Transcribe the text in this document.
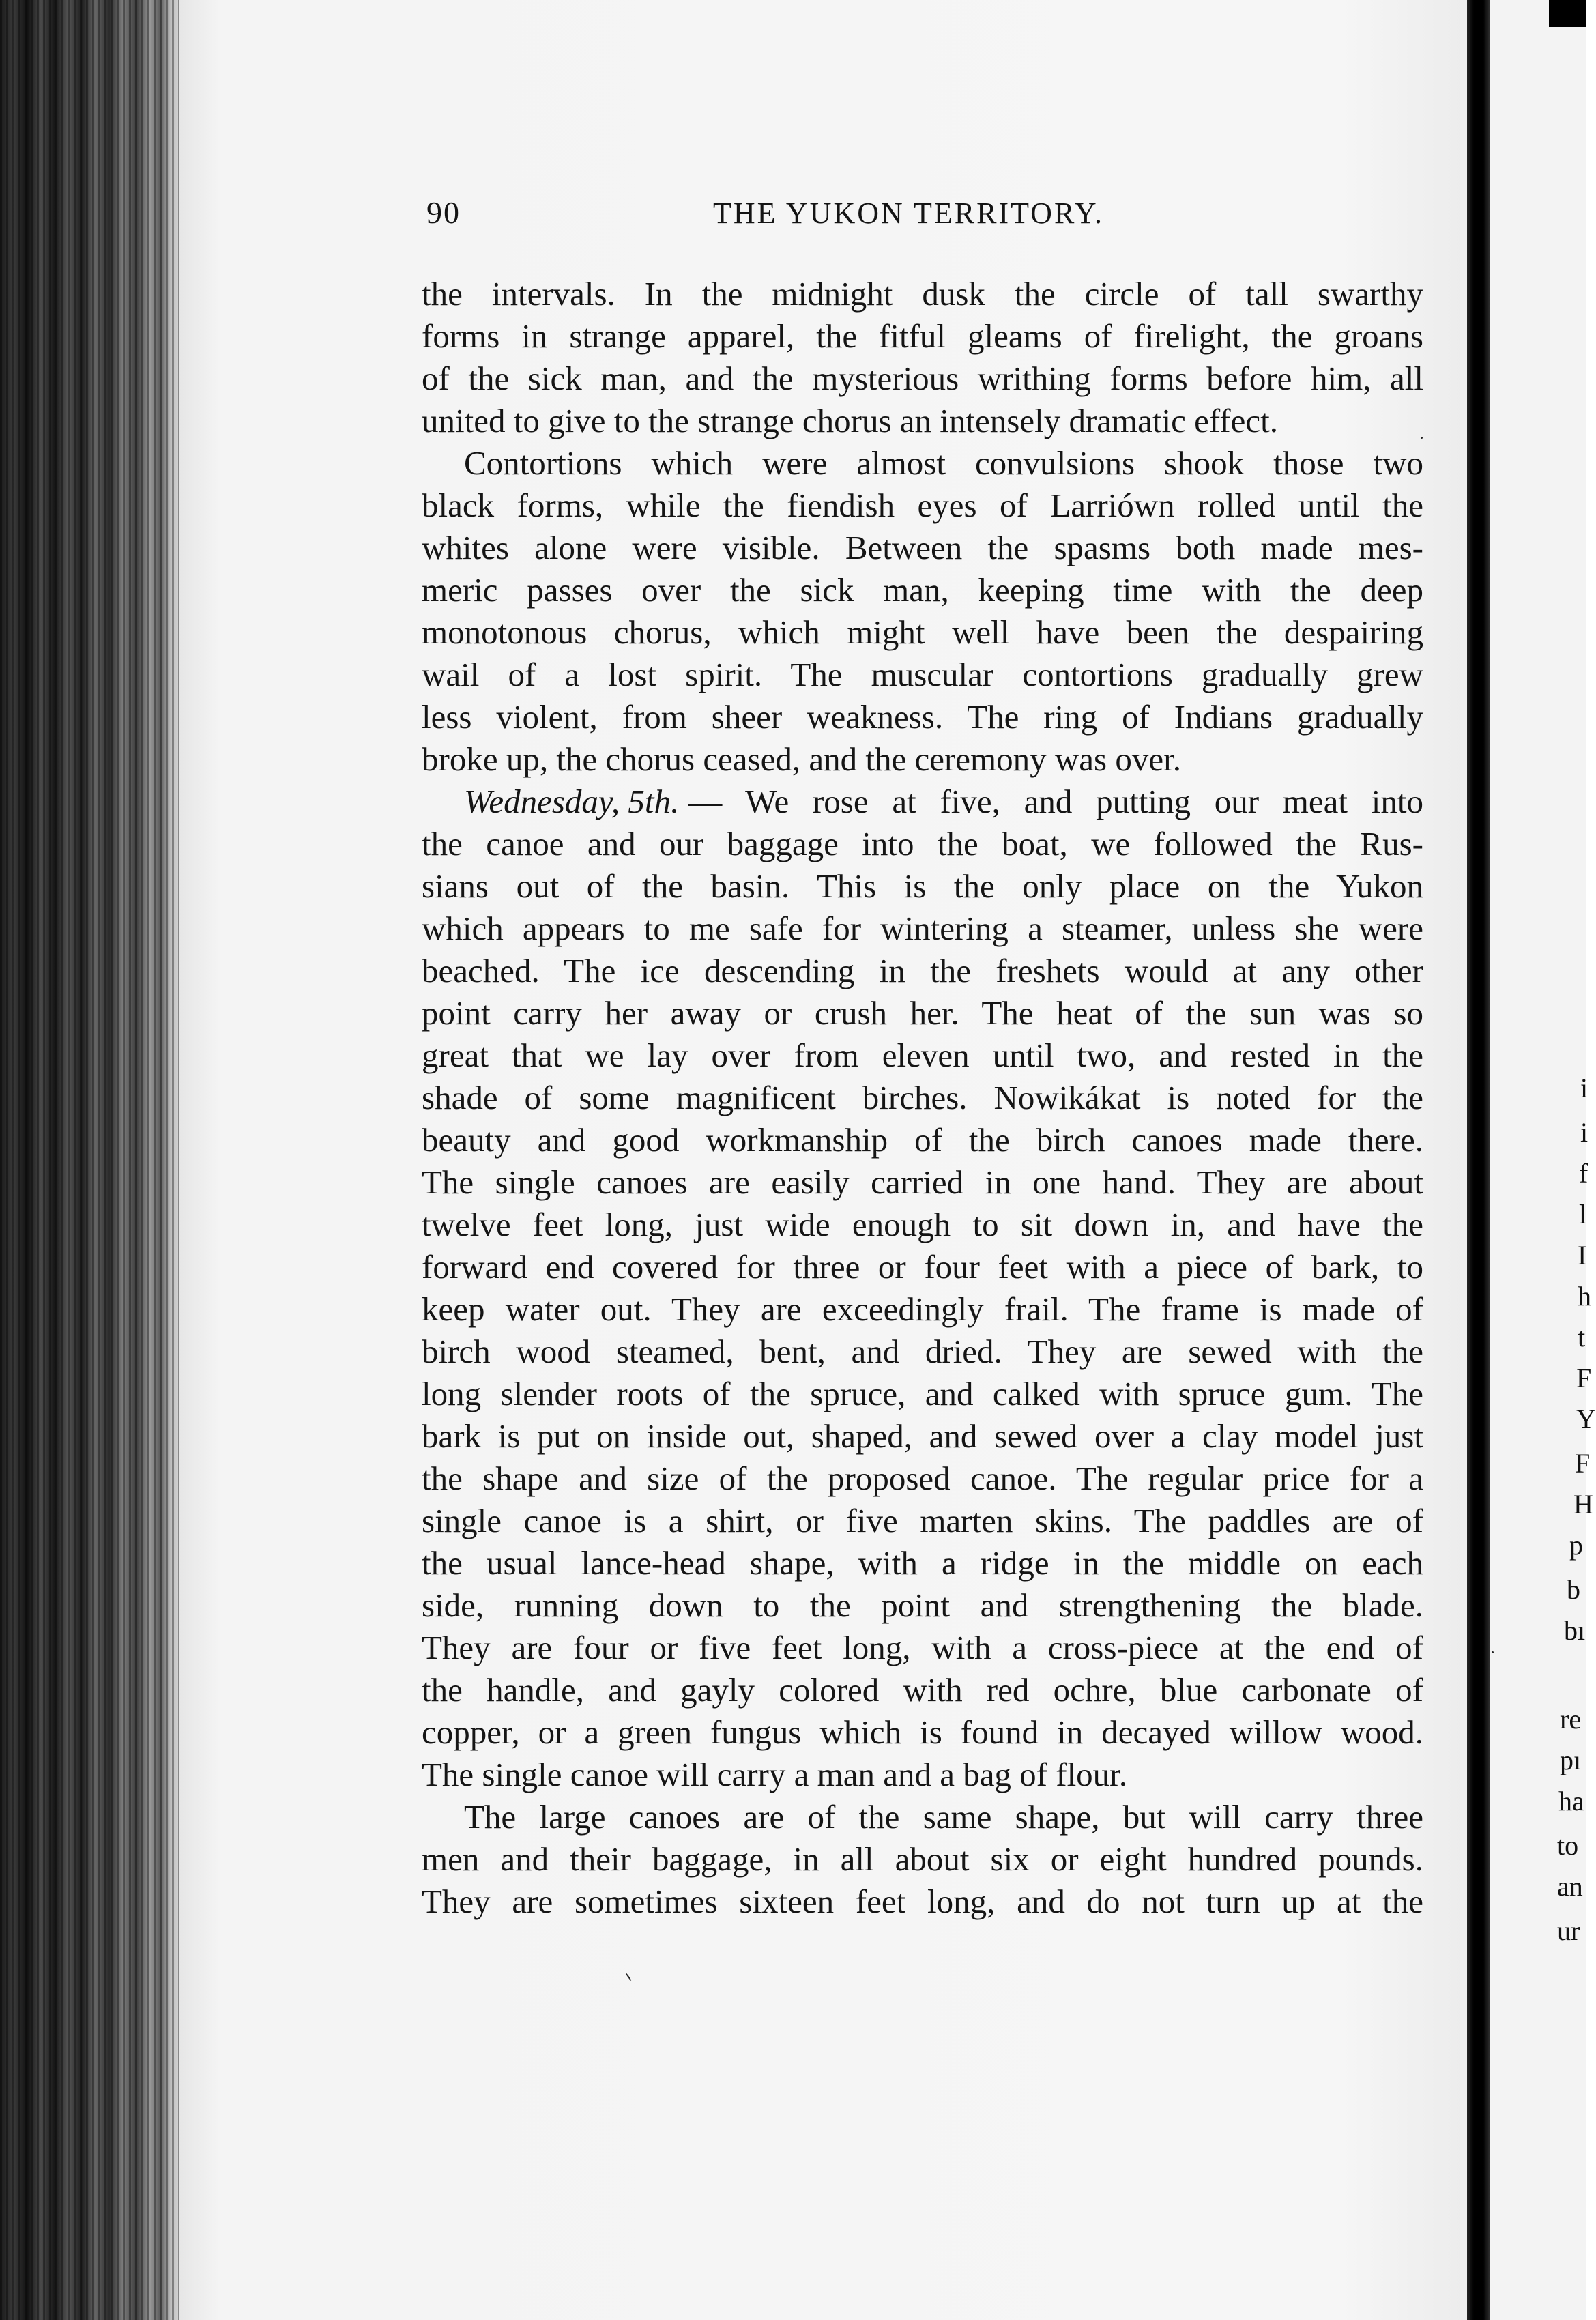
90	THE YUKON TERRITORY.
the intervals. In the midnight dusk the circle of tall swarthy
forms in strange apparel, the fitful gleams of firelight, the groans
of the sick man, and the mysterious writhing forms before him, all
united to give to the strange chorus an intensely dramatic effect.
Contortions which were almost convulsions shook those two
black forms, while the fiendish eyes of Larriówn rolled until the
whites alone were visible. Between the spasms both made mes-
meric passes over the sick man, keeping time with the deep
monotonous chorus, which might well have been the despairing
wail of a lost spirit. The muscular contortions gradually grew
less violent, from sheer weakness. The ring of Indians gradually
broke up, the chorus ceased, and the ceremony was over.
Wednesday, 5th. — We rose at five, and putting our meat into
the canoe and our baggage into the boat, we followed the Rus-
sians out of the basin. This is the only place on the Yukon
which appears to me safe for wintering a steamer, unless she were
beached. The ice descending in the freshets would at any other
point carry her away or crush her. The heat of the sun was so
great that we lay over from eleven until two, and rested in the
shade of some magnificent birches. Nowikákat is noted for the
beauty and good workmanship of the birch canoes made there.
The single canoes are easily carried in one hand. They are about
twelve feet long, just wide enough to sit down in, and have the
forward end covered for three or four feet with a piece of bark, to
keep water out. They are exceedingly frail. The frame is made of
birch wood steamed, bent, and dried. They are sewed with the
long slender roots of the spruce, and calked with spruce gum. The
bark is put on inside out, shaped, and sewed over a clay model just
the shape and size of the proposed canoe. The regular price for a
single canoe is a shirt, or five marten skins. The paddles are of
the usual lance-head shape, with a ridge in the middle on each
side, running down to the point and strengthening the blade.
They are four or five feet long, with a cross-piece at the end of
the handle, and gayly colored with red ochre, blue carbonate of
copper, or a green fungus which is found in decayed willow wood.
The single canoe will carry a man and a bag of flour.
The large canoes are of the same shape, but will carry three
men and their baggage, in all about six or eight hundred pounds.
They are sometimes sixteen feet long, and do not turn up at the
i
i
f
l
I
h
t
F
Y
F
H
p
b
bı
re
pı
ha
to
an
ur
